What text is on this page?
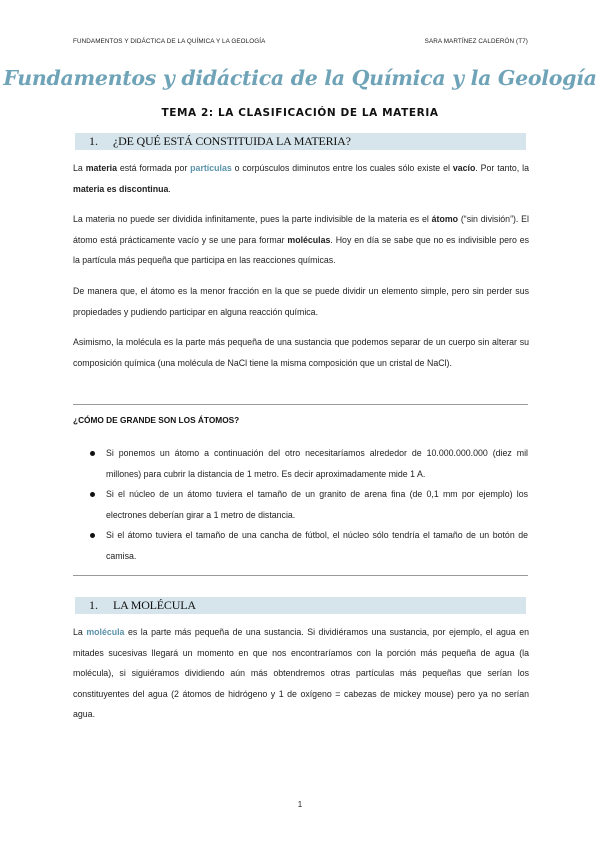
FUNDAMENTOS Y DIDÁCTICA DE LA QUÍMICA Y LA GEOLOGÍA	SARA MARTÍNEZ CALDERÓN (T7)
Fundamentos y didáctica de la Química y la Geología
TEMA 2: LA CLASIFICACIÓN DE LA MATERIA
1. ¿DE QUÉ ESTÁ CONSTITUIDA LA MATERIA?
La materia está formada por partículas o corpúsculos diminutos entre los cuales sólo existe el vacío. Por tanto, la materia es discontinua.
La materia no puede ser dividida infinitamente, pues la parte indivisible de la materia es el átomo (“sin división”). El átomo está prácticamente vacío y se une para formar moléculas. Hoy en día se sabe que no es indivisible pero es la partícula más pequeña que participa en las reacciones químicas.
De manera que, el átomo es la menor fracción en la que se puede dividir un elemento simple, pero sin perder sus propiedades y pudiendo participar en alguna reacción química.
Asimismo, la molécula es la parte más pequeña de una sustancia que podemos separar de un cuerpo sin alterar su composición química (una molécula de NaCl tiene la misma composición que un cristal de NaCl).
¿CÓMO DE GRANDE SON LOS ÁTOMOS?
Si ponemos un átomo a continuación del otro necesitaríamos alrededor de 10.000.000.000 (diez mil millones) para cubrir la distancia de 1 metro. Es decir aproximadamente mide 1 A.
Si el núcleo de un átomo tuviera el tamaño de un granito de arena fina (de 0,1 mm por ejemplo) los electrones deberían girar a 1 metro de distancia.
Si el átomo tuviera el tamaño de una cancha de fútbol, el núcleo sólo tendría el tamaño de un botón de camisa.
1. LA MOLÉCULA
La molécula es la parte más pequeña de una sustancia. Si dividiéramos una sustancia, por ejemplo, el agua en mitades sucesivas llegará un momento en que nos encontraríamos con la porción más pequeña de agua (la molécula), si siguiéramos dividiendo aún más obtendremos otras partículas más pequeñas que serían los constituyentes del agua (2 átomos de hidrógeno y 1 de oxígeno = cabezas de mickey mouse) pero ya no serían agua.
1
